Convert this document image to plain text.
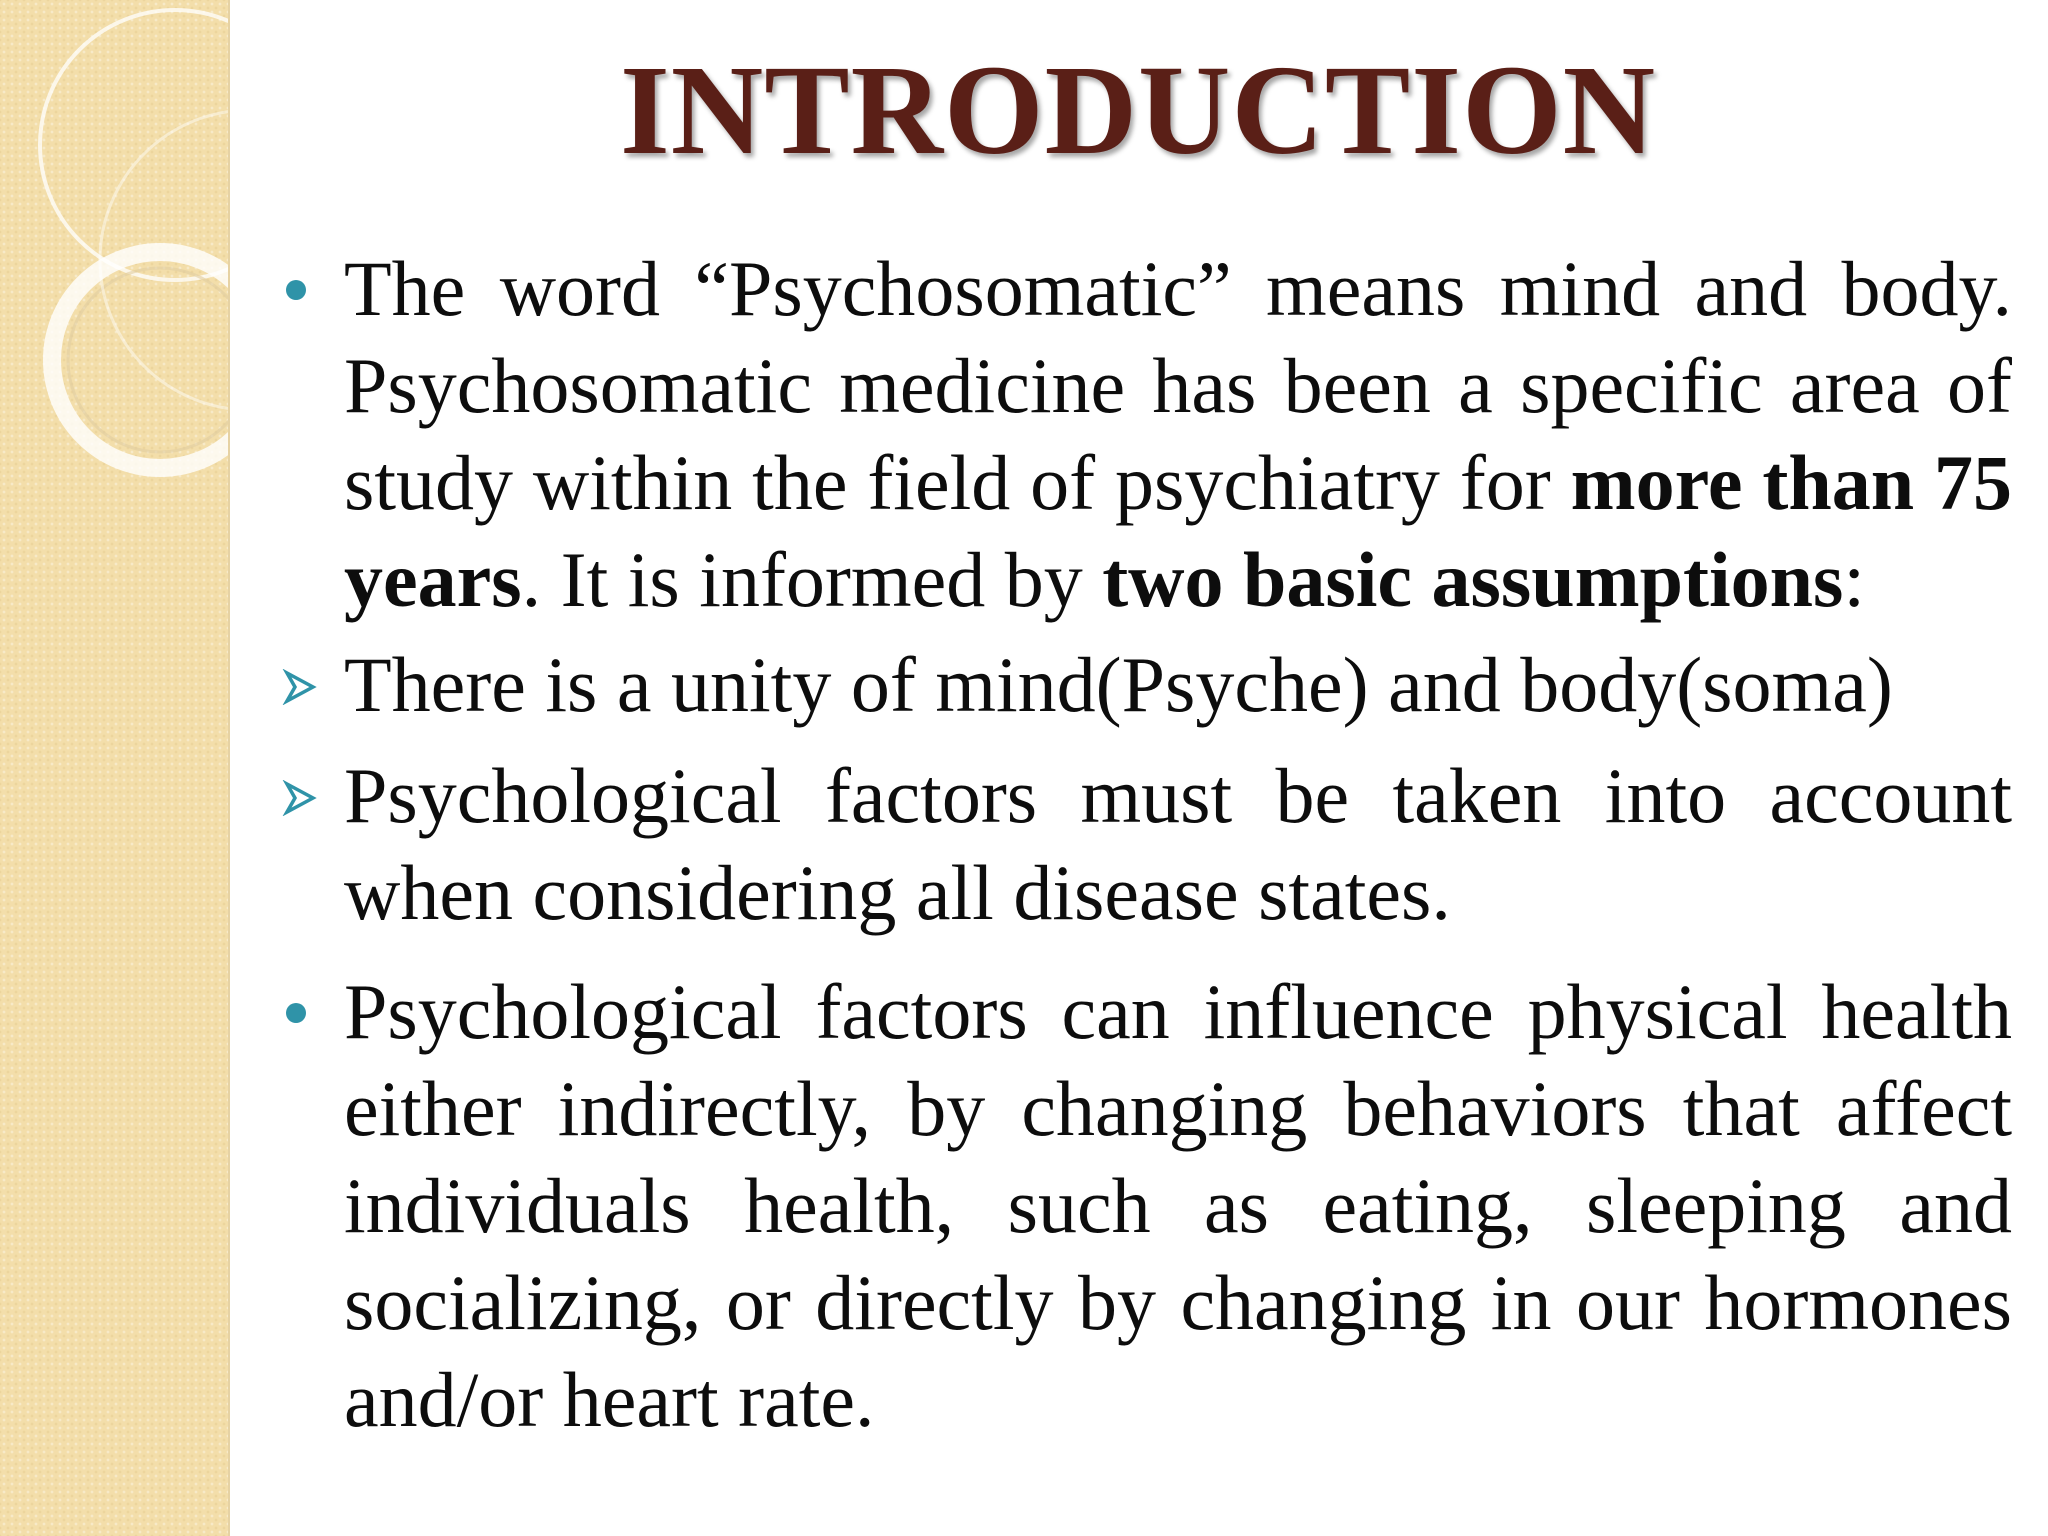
INTRODUCTION
The word “Psychosomatic” means mind and body. Psychosomatic medicine has been a specific area of study within the field of psychiatry for more than 75 years. It is informed by two basic assumptions:
There is a unity of mind(Psyche) and body(soma)
Psychological factors must be taken into account when considering all disease states.
Psychological factors can influence physical health either indirectly, by changing behaviors that affect individuals health, such as eating, sleeping and socializing, or directly by changing in our hormones and/or heart rate.
